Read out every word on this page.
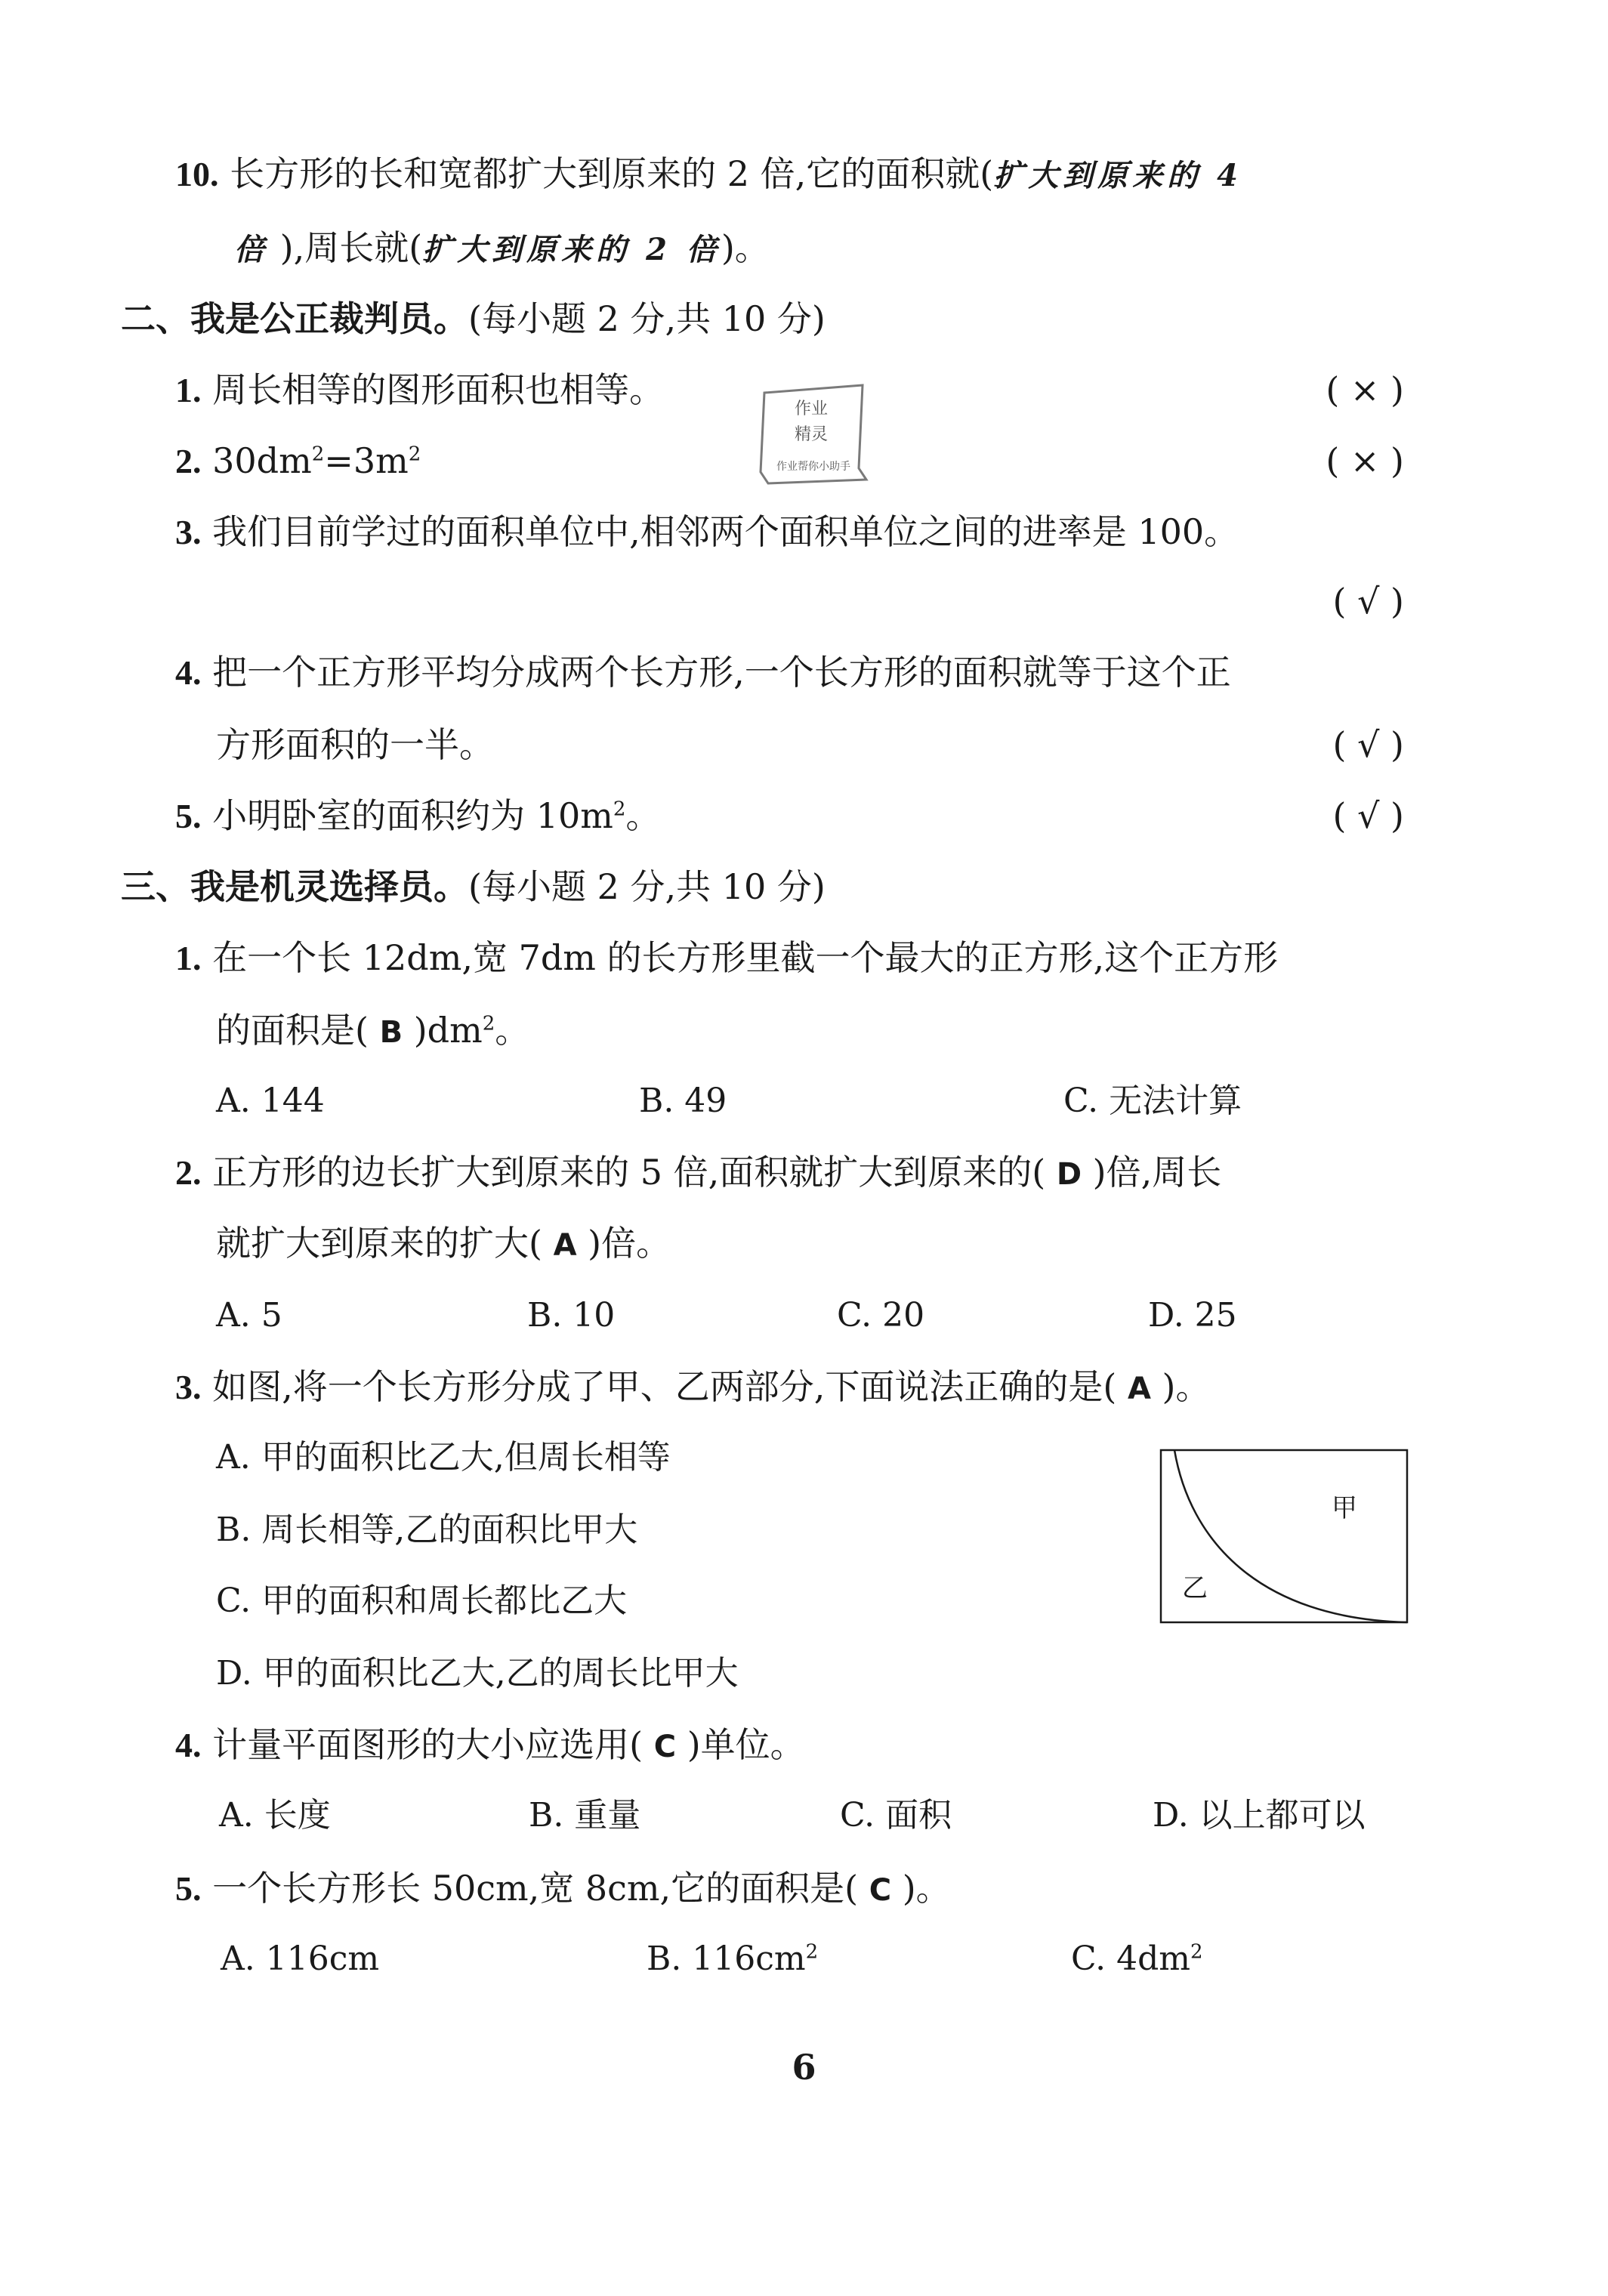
10. 长方形的长和宽都扩大到原来的 2 倍,它的面积就(扩大到原来的 4
倍 ),周长就(扩大到原来的 2 倍)。
二、我是公正裁判员。(每小题 2 分,共 10 分)
1. 周长相等的图形面积也相等。	( × )
2. $30dm^2=3m^2$	( × )
作业
精灵
作业帮你小助手
3. 我们目前学过的面积单位中,相邻两个面积单位之间的进率是 100。
( √ )
4. 把一个正方形平均分成两个长方形,一个长方形的面积就等于这个正
方形面积的一半。	( √ )
5. 小明卧室的面积约为 $10m^2$。	( √ )
三、我是机灵选择员。(每小题 2 分,共 10 分)
1. 在一个长 12dm,宽 7dm 的长方形里截一个最大的正方形,这个正方形
的面积是( B )$dm^2$。
A. 144	B. 49	C. 无法计算
2. 正方形的边长扩大到原来的 5 倍,面积就扩大到原来的( D )倍,周长
就扩大到原来的扩大( A )倍。
A. 5	B. 10	C. 20	D. 25
3. 如图,将一个长方形分成了甲、乙两部分,下面说法正确的是( A )。
A. 甲的面积比乙大,但周长相等
B. 周长相等,乙的面积比甲大
C. 甲的面积和周长都比乙大
D. 甲的面积比乙大,乙的周长比甲大
甲
乙
4. 计量平面图形的大小应选用( C )单位。
A. 长度	B. 重量	C. 面积	D. 以上都可以
5. 一个长方形长 50cm,宽 8cm,它的面积是( C )。
A. 116cm	B. $116cm^2$	C. $4dm^2$
6
